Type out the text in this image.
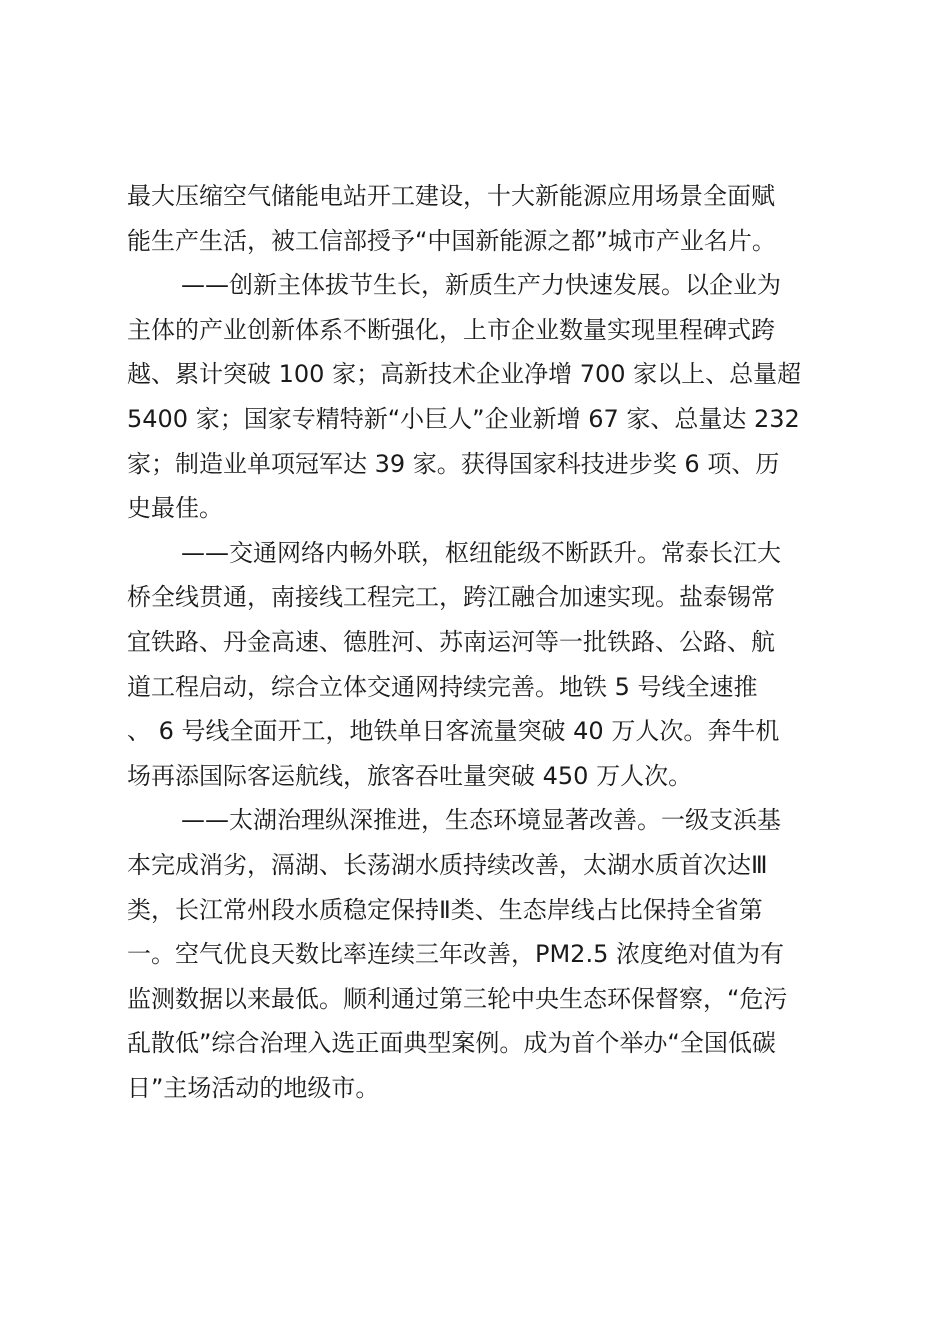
最大压缩空气储能电站开工建设，十大新能源应用场景全面赋
能生产生活，被工信部授予“中国新能源之都”城市产业名片。
——创新主体拔节生长，新质生产力快速发展。以企业为
主体的产业创新体系不断强化，上市企业数量实现里程碑式跨
越、累计突破 100 家；高新技术企业净增 700 家以上、总量超
5400 家；国家专精特新“小巨人”企业新增 67 家、总量达 232
家；制造业单项冠军达 39 家。获得国家科技进步奖 6 项、历
史最佳。
——交通网络内畅外联，枢纽能级不断跃升。常泰长江大
桥全线贯通，南接线工程完工，跨江融合加速实现。盐泰锡常
宜铁路、丹金高速、德胜河、苏南运河等一批铁路、公路、航
道工程启动，综合立体交通网持续完善。地铁 5 号线全速推
、 6 号线全面开工，地铁单日客流量突破 40 万人次。奔牛机
场再添国际客运航线，旅客吞吐量突破 450 万人次。
——太湖治理纵深推进，生态环境显著改善。一级支浜基
本完成消劣，滆湖、长荡湖水质持续改善，太湖水质首次达Ⅲ
类，长江常州段水质稳定保持Ⅱ类、生态岸线占比保持全省第
一。空气优良天数比率连续三年改善，PM2.5 浓度绝对值为有
监测数据以来最低。顺利通过第三轮中央生态环保督察，“危污
乱散低”综合治理入选正面典型案例。成为首个举办“全国低碳
日”主场活动的地级市。
